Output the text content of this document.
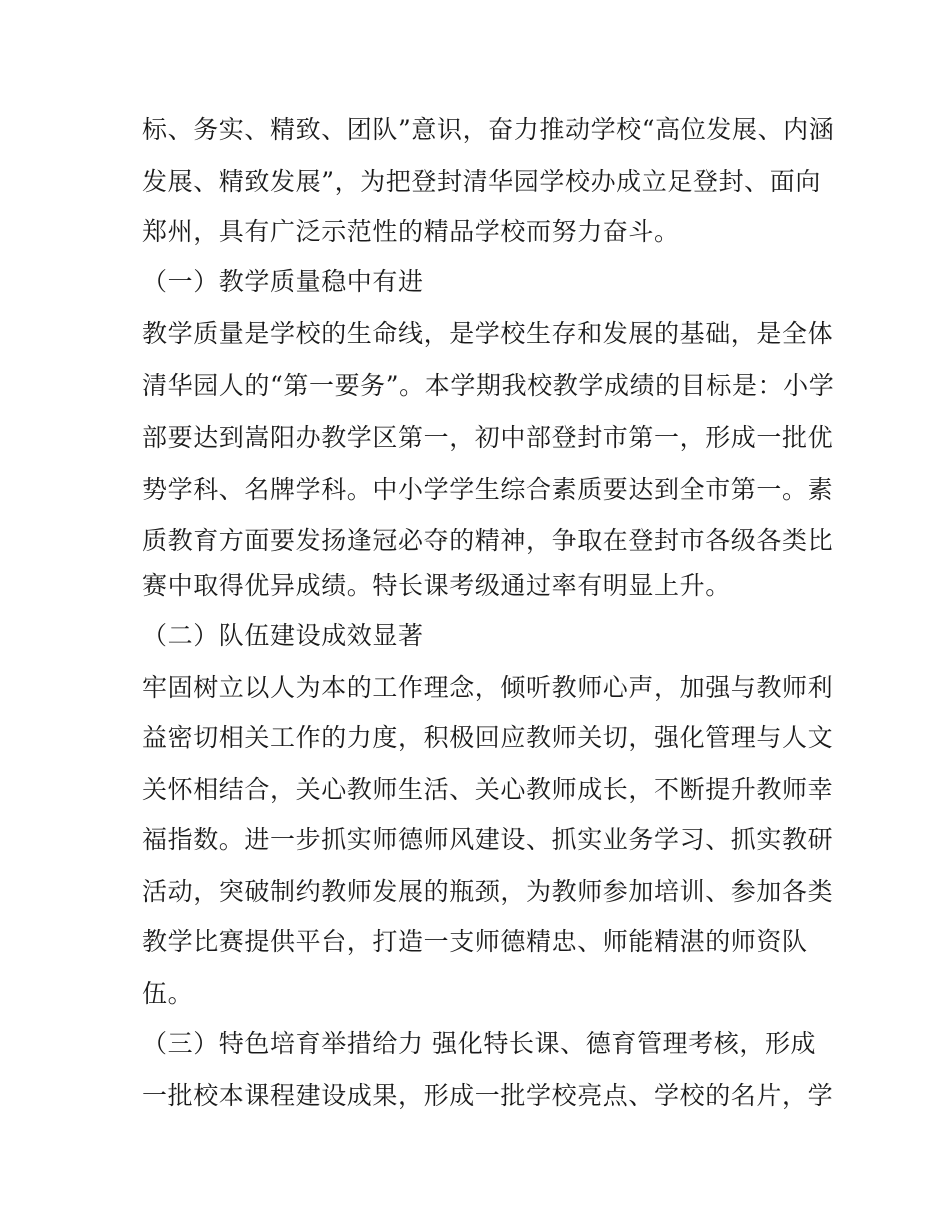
标、务实、精致、团队”意识，奋力推动学校“高位发展、内涵
发展、精致发展”，为把登封清华园学校办成立足登封、面向
郑州，具有广泛示范性的精品学校而努力奋斗。
（一）教学质量稳中有进
教学质量是学校的生命线，是学校生存和发展的基础，是全体
清华园人的“第一要务”。本学期我校教学成绩的目标是：小学
部要达到嵩阳办教学区第一，初中部登封市第一，形成一批优
势学科、名牌学科。中小学学生综合素质要达到全市第一。素
质教育方面要发扬逢冠必夺的精神，争取在登封市各级各类比
赛中取得优异成绩。特长课考级通过率有明显上升。
（二）队伍建设成效显著
牢固树立以人为本的工作理念，倾听教师心声，加强与教师利
益密切相关工作的力度，积极回应教师关切，强化管理与人文
关怀相结合，关心教师生活、关心教师成长，不断提升教师幸
福指数。进一步抓实师德师风建设、抓实业务学习、抓实教研
活动，突破制约教师发展的瓶颈，为教师参加培训、参加各类
教学比赛提供平台，打造一支师德精忠、师能精湛的师资队
伍。
（三）特色培育举措给力 强化特长课、德育管理考核，形成
一批校本课程建设成果，形成一批学校亮点、学校的名片，学
